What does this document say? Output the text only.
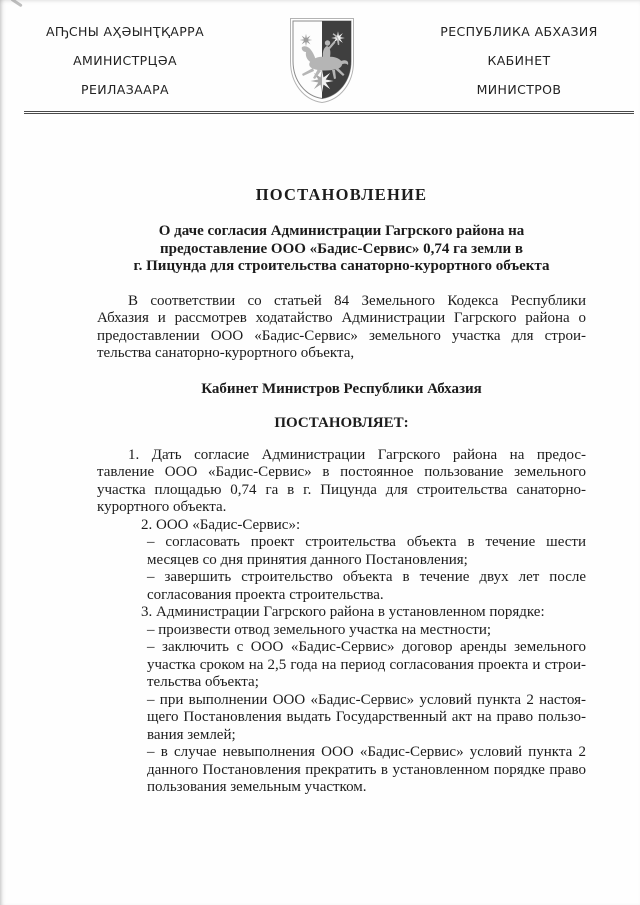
АҦСНЫ АҲӘЫНҬҚАРРА
АМИНИСТРЦӘА
РЕИЛАЗААРА
РЕСПУБЛИКА АБХАЗИЯ
КАБИНЕТ
МИНИСТРОВ
ПОСТАНОВЛЕНИЕ
О даче согласия Администрации Гагрского района на
предоставление ООО «Бадис-Сервис» 0,74 га земли в
г. Пицунда для строительства санаторно-курортного объекта
В соответствии со статьей 84 Земельного Кодекса Республики
Абхазия и рассмотрев ходатайство Администрации Гагрского района о
предоставлении ООО «Бадис-Сервис» земельного участка для строи-
тельства санаторно-курортного объекта,
Кабинет Министров Республики Абхазия
ПОСТАНОВЛЯЕТ:
1. Дать согласие Администрации Гагрского района на предос-
тавление ООО «Бадис-Сервис» в постоянное пользование земельного
участка площадью 0,74 га в г. Пицунда для строительства санаторно-
курортного объекта.
2. ООО «Бадис-Сервис»:
– согласовать проект строительства объекта в течение шести
месяцев со дня принятия данного Постановления;
– завершить строительство объекта в течение двух лет после
согласования проекта строительства.
3. Администрации Гагрского района в установленном порядке:
– произвести отвод земельного участка на местности;
– заключить с ООО «Бадис-Сервис» договор аренды земельного
участка сроком на 2,5 года на период согласования проекта и строи-
тельства объекта;
– при выполнении ООО «Бадис-Сервис» условий пункта 2 настоя-
щего Постановления выдать Государственный акт на право пользо-
вания землей;
– в случае невыполнения ООО «Бадис-Сервис» условий пункта 2
данного Постановления прекратить в установленном порядке право
пользования земельным участком.
